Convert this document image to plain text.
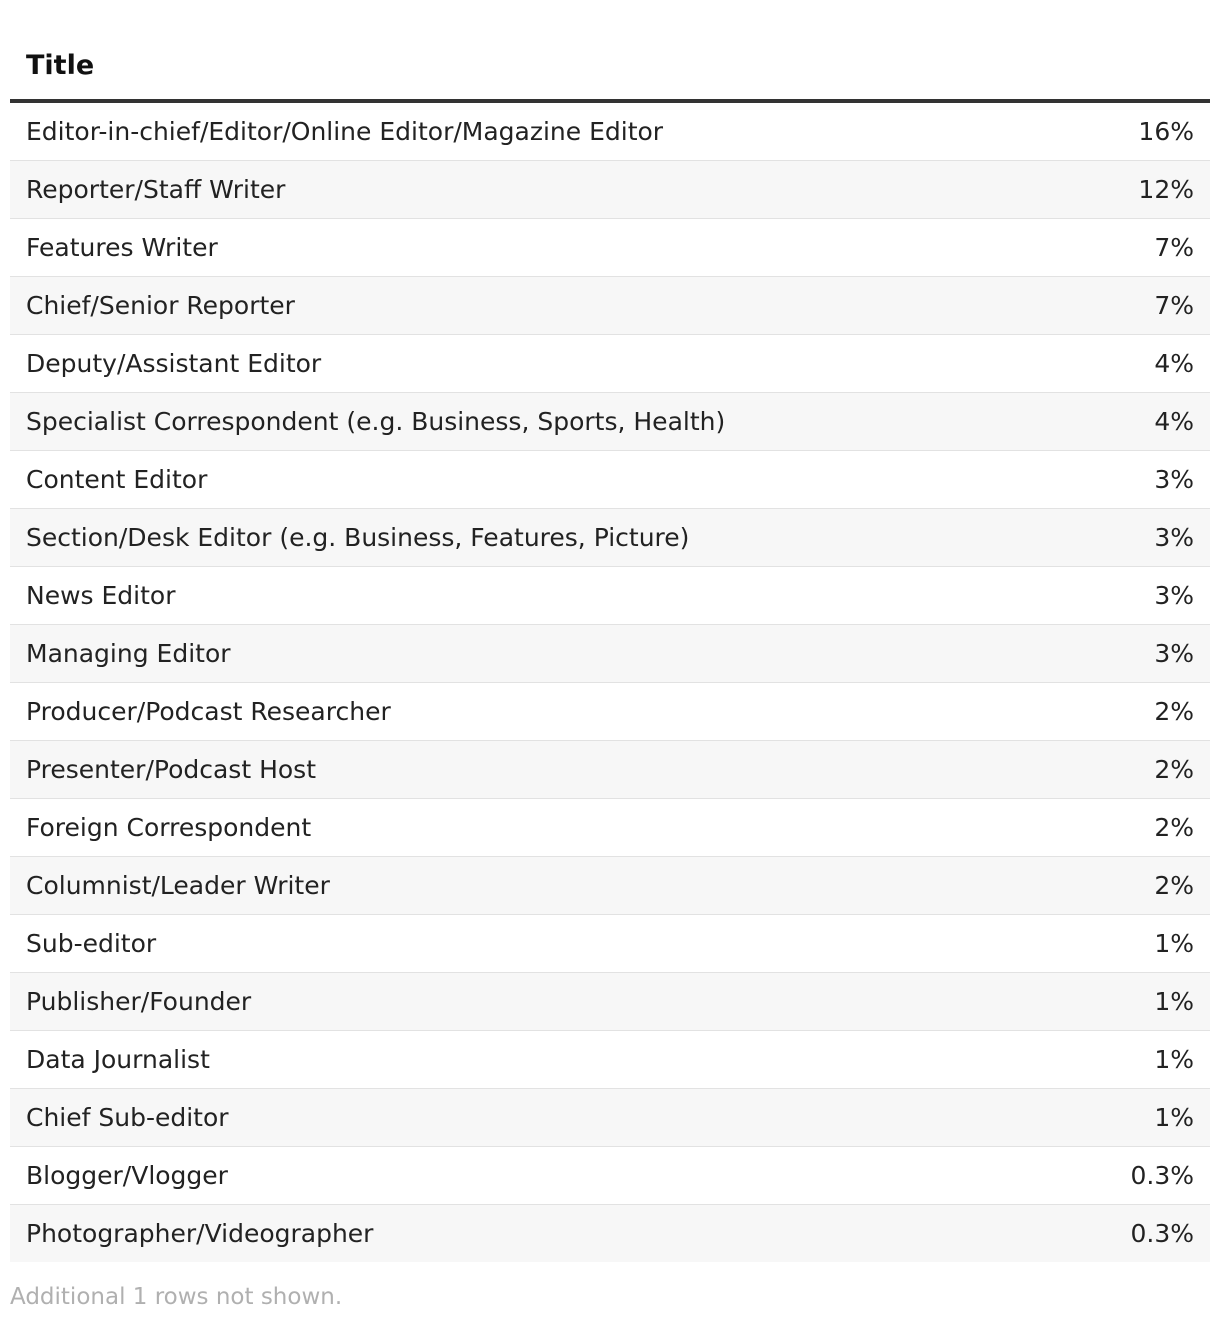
Title	

Editor-in-chief/Editor/Online Editor/Magazine Editor	16%
Reporter/Staff Writer	12%
Features Writer	7%
Chief/Senior Reporter	7%
Deputy/Assistant Editor	4%
Specialist Correspondent (e.g. Business, Sports, Health)	4%
Content Editor	3%
Section/Desk Editor (e.g. Business, Features, Picture)	3%
News Editor	3%
Managing Editor	3%
Producer/Podcast Researcher	2%
Presenter/Podcast Host	2%
Foreign Correspondent	2%
Columnist/Leader Writer	2%
Sub-editor	1%
Publisher/Founder	1%
Data Journalist	1%
Chief Sub-editor	1%
Blogger/Vlogger	0.3%
Photographer/Videographer	0.3%
Additional 1 rows not shown.
